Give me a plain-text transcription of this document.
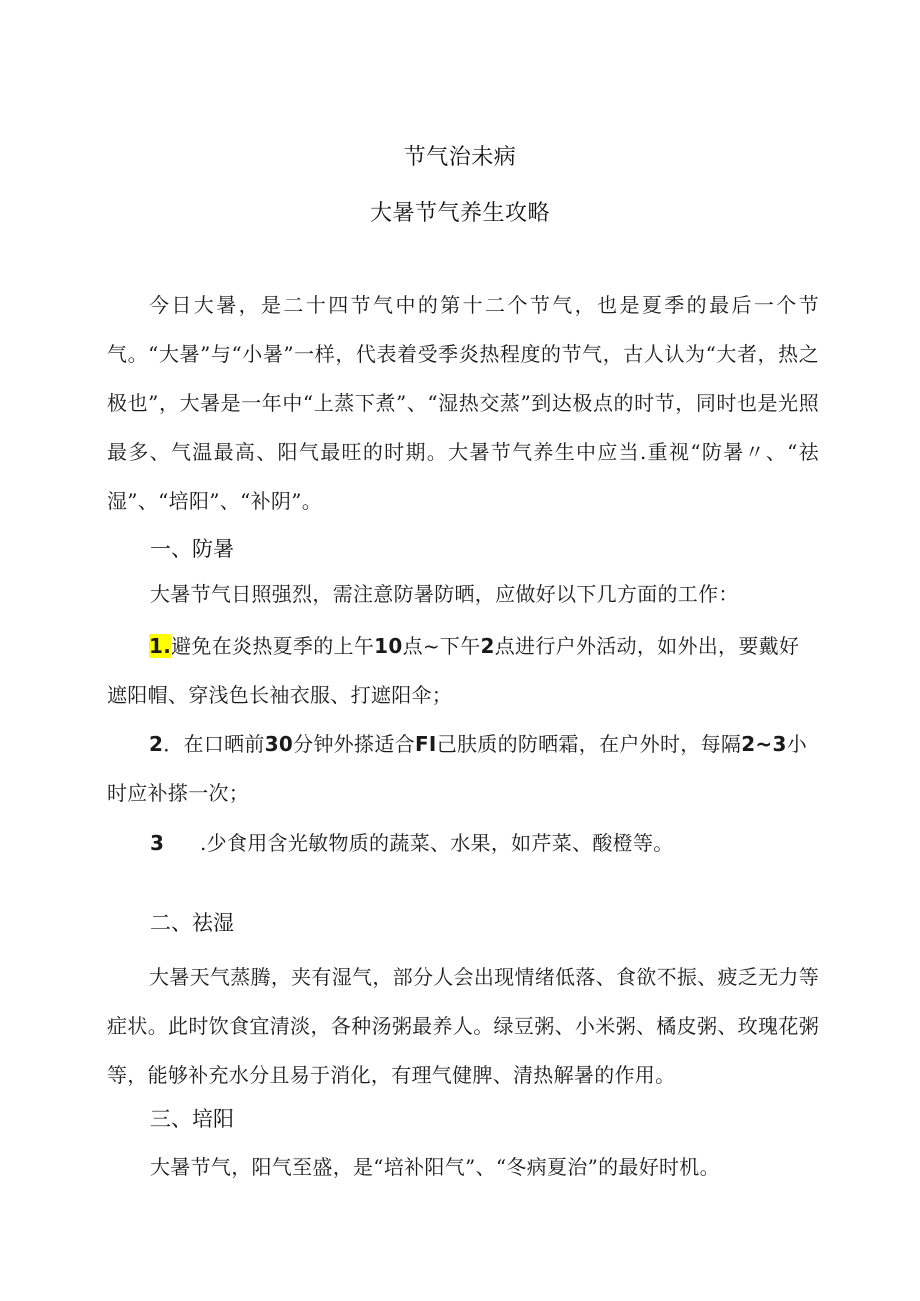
节气治未病
大暑节气养生攻略
今日大暑，是二十四节气中的第十二个节气，也是夏季的最后一个节气。“大暑”与“小暑”一样，代表着受季炎热程度的节气，古人认为“大者，热之极也”，大暑是一年中“上蒸下煮”、“湿热交蒸”到达极点的时节，同时也是光照最多、气温最高、阳气最旺的时期。大暑节气养生中应当.重视“防暑〃、“祛湿”、“培阳”、“补阴”。
一、防暑
大暑节气日照强烈，需注意防暑防晒，应做好以下几方面的工作：
1.避免在炎热夏季的上午10点~下午2点进行户外活动，如外出，要戴好遮阳帽、穿浅色长袖衣服、打遮阳伞；
2．在口晒前30分钟外搽适合FI己肤质的防晒霜，在户外时，每隔2~3小时应补搽一次；
3 .少食用含光敏物质的蔬菜、水果，如芹菜、酸橙等。
二、祛湿
大暑天气蒸腾，夹有湿气，部分人会出现情绪低落、食欲不振、疲乏无力等症状。此时饮食宜清淡，各种汤粥最养人。绿豆粥、小米粥、橘皮粥、玫瑰花粥等，能够补充水分且易于消化，有理气健脾、清热解暑的作用。
三、培阳
大暑节气，阳气至盛，是“培补阳气”、“冬病夏治”的最好时机。
